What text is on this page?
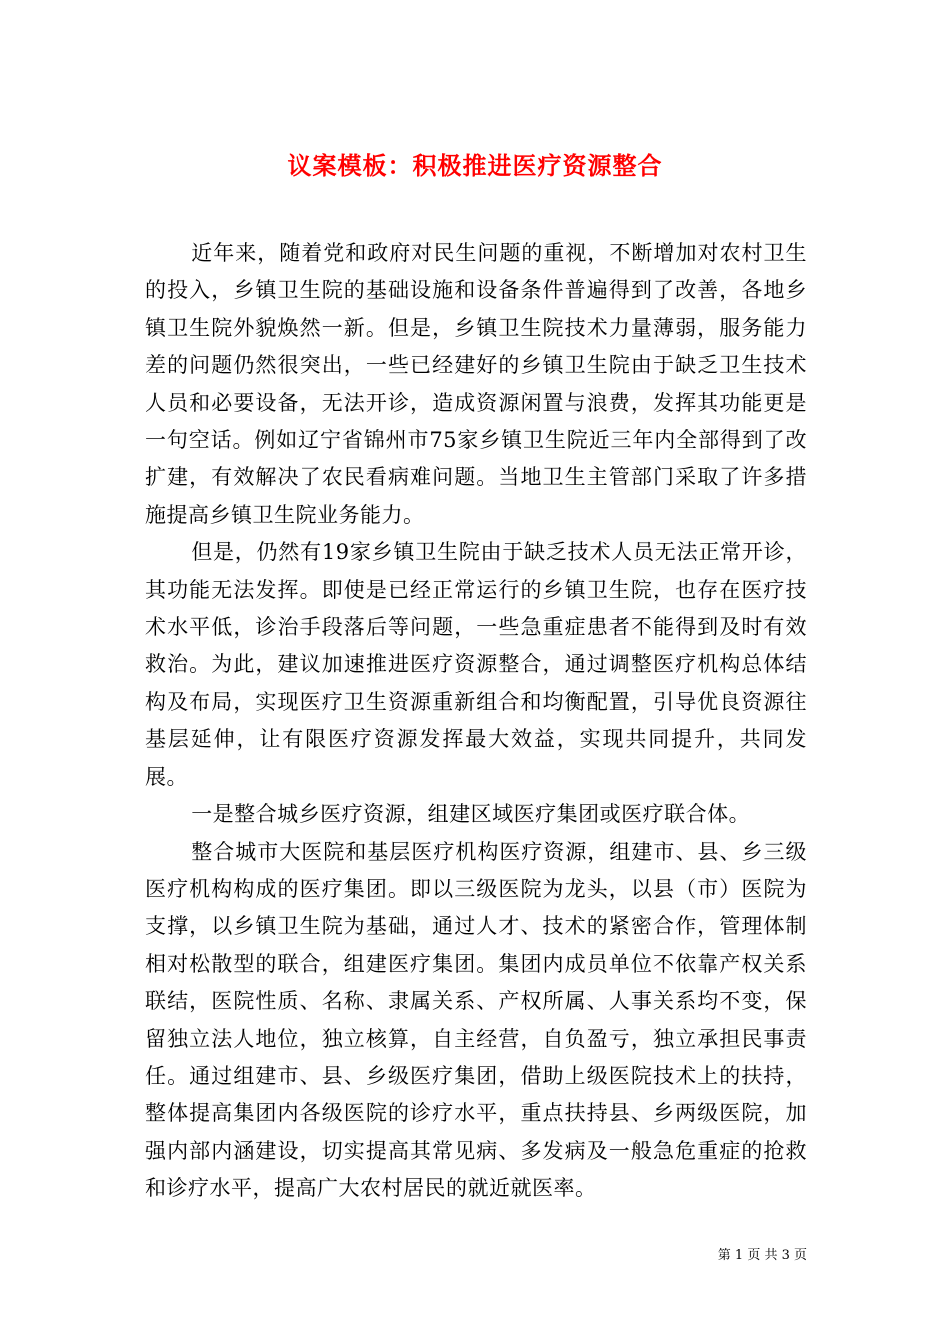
议案模板：积极推进医疗资源整合

近年来，随着党和政府对民生问题的重视，不断增加对农村卫生的投入，乡镇卫生院的基础设施和设备条件普遍得到了改善，各地乡镇卫生院外貌焕然一新。但是，乡镇卫生院技术力量薄弱，服务能力差的问题仍然很突出，一些已经建好的乡镇卫生院由于缺乏卫生技术人员和必要设备，无法开诊，造成资源闲置与浪费，发挥其功能更是一句空话。例如辽宁省锦州市75家乡镇卫生院近三年内全部得到了改扩建，有效解决了农民看病难问题。当地卫生主管部门采取了许多措施提高乡镇卫生院业务能力。

但是，仍然有19家乡镇卫生院由于缺乏技术人员无法正常开诊，其功能无法发挥。即使是已经正常运行的乡镇卫生院，也存在医疗技术水平低，诊治手段落后等问题，一些急重症患者不能得到及时有效救治。为此，建议加速推进医疗资源整合，通过调整医疗机构总体结构及布局，实现医疗卫生资源重新组合和均衡配置，引导优良资源往基层延伸，让有限医疗资源发挥最大效益，实现共同提升，共同发展。

一是整合城乡医疗资源，组建区域医疗集团或医疗联合体。

整合城市大医院和基层医疗机构医疗资源，组建市、县、乡三级医疗机构构成的医疗集团。即以三级医院为龙头，以县（市）医院为支撑，以乡镇卫生院为基础，通过人才、技术的紧密合作，管理体制相对松散型的联合，组建医疗集团。集团内成员单位不依靠产权关系联结，医院性质、名称、隶属关系、产权所属、人事关系均不变，保留独立法人地位，独立核算，自主经营，自负盈亏，独立承担民事责任。通过组建市、县、乡级医疗集团，借助上级医院技术上的扶持，整体提高集团内各级医院的诊疗水平，重点扶持县、乡两级医院，加强内部内涵建设，切实提高其常见病、多发病及一般急危重症的抢救和诊疗水平，提高广大农村居民的就近就医率。

第 1 页 共 3 页
